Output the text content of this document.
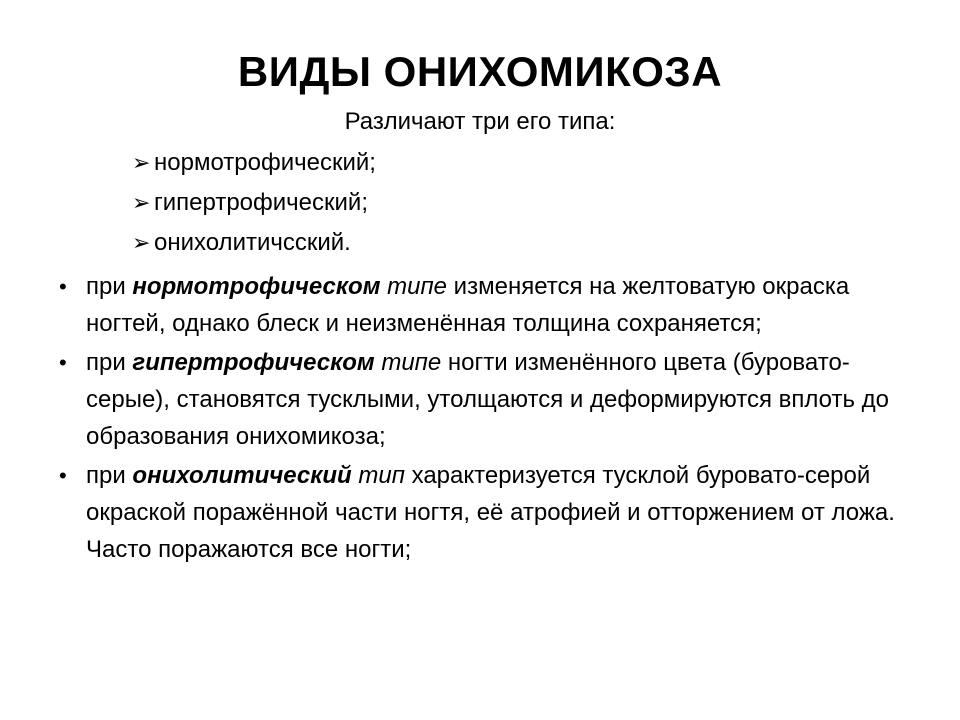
ВИДЫ ОНИХОМИКОЗА
Различают три его типа:
➢ нормотрофический;
➢ гипертрофический;
➢ онихолитичсский.
• при нормотрофическом типе изменяется на желтоватую окраска ногтей, однако блеск и неизменённая толщина сохраняется;
• при гипертрофическом типе ногти изменённого цвета (буровато-серые), становятся тусклыми, утолщаются и деформируются вплоть до образования онихомикоза;
• при онихолитический тип характеризуется тусклой буровато-серой окраской поражённой части ногтя, её атрофией и отторжением от ложа. Часто поражаются все ногти;
